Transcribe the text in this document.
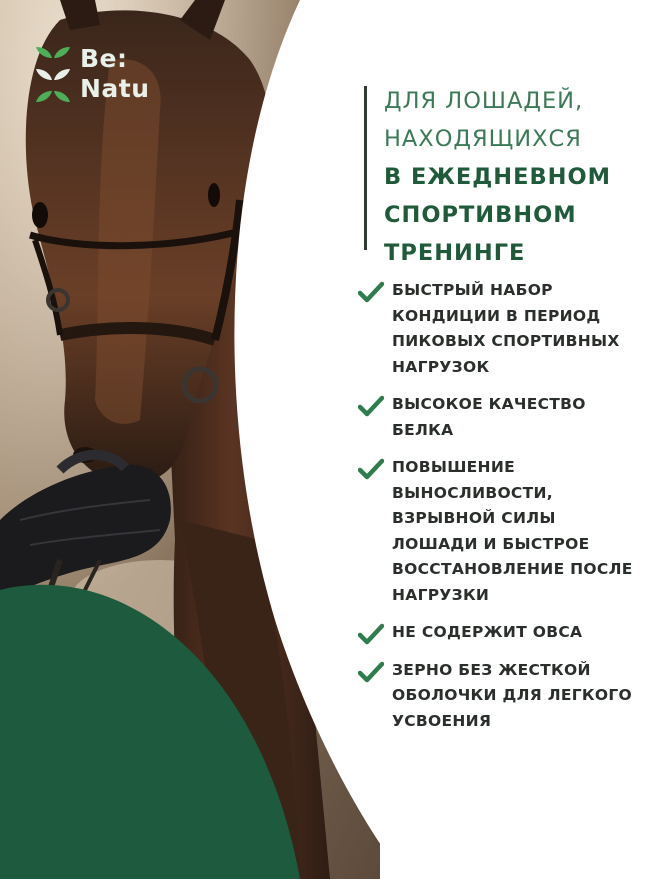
Be:
Natu	ДЛЯ ЛОШАДЕЙ,
НАХОДЯЩИХСЯ
В ЕЖЕДНЕВНОМ
СПОРТИВНОМ
ТРЕНИНГЕ
БЫСТРЫЙ НАБОР
КОНДИЦИИ В ПЕРИОД
ПИКОВЫХ СПОРТИВНЫХ
НАГРУЗОК
ВЫСОКОЕ КАЧЕСТВО
БЕЛКА
ПОВЫШЕНИЕ
ВЫНОСЛИВОСТИ,
ВЗРЫВНОЙ СИЛЫ
ЛОШАДИ И БЫСТРОЕ
ВОССТАНОВЛЕНИЕ ПОСЛЕ
НАГРУЗКИ
НЕ СОДЕРЖИТ ОВСА
ЗЕРНО БЕЗ ЖЕСТКОЙ
ОБОЛОЧКИ ДЛЯ ЛЕГКОГО
УСВОЕНИЯ
